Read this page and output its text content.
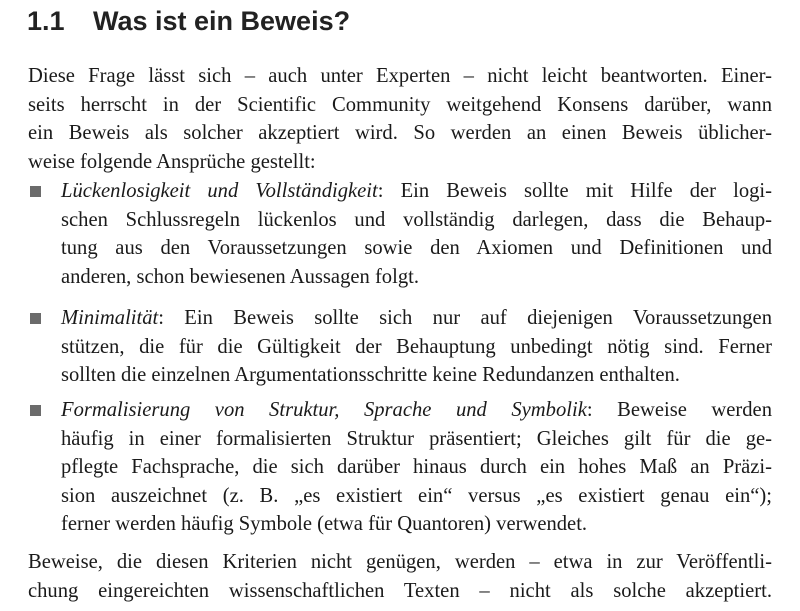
1.1 Was ist ein Beweis?
Diese Frage lässt sich – auch unter Experten – nicht leicht beantworten. Einer-
seits herrscht in der Scientific Community weitgehend Konsens darüber, wann
ein Beweis als solcher akzeptiert wird. So werden an einen Beweis üblicher-
weise folgende Ansprüche gestellt:
Lückenlosigkeit und Vollständigkeit: Ein Beweis sollte mit Hilfe der logi-
schen Schlussregeln lückenlos und vollständig darlegen, dass die Behaup-
tung aus den Voraussetzungen sowie den Axiomen und Definitionen und
anderen, schon bewiesenen Aussagen folgt.
Minimalität: Ein Beweis sollte sich nur auf diejenigen Voraussetzungen
stützen, die für die Gültigkeit der Behauptung unbedingt nötig sind. Ferner
sollten die einzelnen Argumentationsschritte keine Redundanzen enthalten.
Formalisierung von Struktur, Sprache und Symbolik: Beweise werden
häufig in einer formalisierten Struktur präsentiert; Gleiches gilt für die ge-
pflegte Fachsprache, die sich darüber hinaus durch ein hohes Maß an Präzi-
sion auszeichnet (z. B. „es existiert ein“ versus „es existiert genau ein“);
ferner werden häufig Symbole (etwa für Quantoren) verwendet.
Beweise, die diesen Kriterien nicht genügen, werden – etwa in zur Veröffentli-
chung eingereichten wissenschaftlichen Texten – nicht als solche akzeptiert.
